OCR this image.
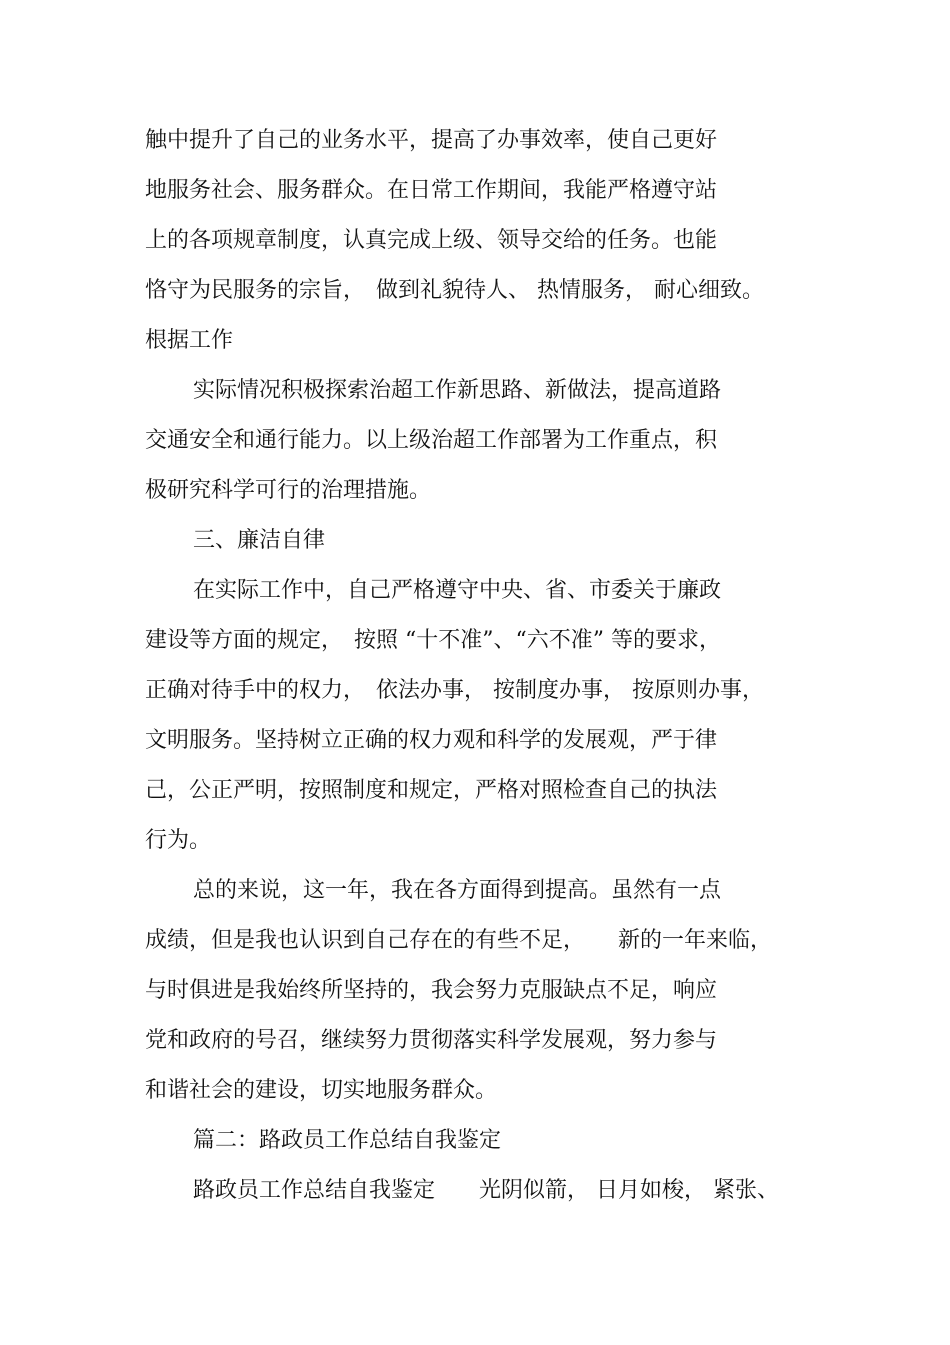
触中提升了自己的业务水平，提高了办事效率，使自己更好
地服务社会、服务群众。在日常工作期间，我能严格遵守站
上的各项规章制度，认真完成上级、领导交给的任务。也能
恪守为民服务的宗旨，　做到礼貌待人、 热情服务， 耐心细致。
根据工作
实际情况积极探索治超工作新思路、新做法，提高道路
交通安全和通行能力。以上级治超工作部署为工作重点，积
极研究科学可行的治理措施。
三、廉洁自律
在实际工作中，自己严格遵守中央、省、市委关于廉政
建设等方面的规定，　按照 “十不准”、“六不准” 等的要求，
正确对待手中的权力，　依法办事， 按制度办事， 按原则办事，
文明服务。坚持树立正确的权力观和科学的发展观，严于律
己，公正严明，按照制度和规定，严格对照检查自己的执法
行为。
总的来说，这一年，我在各方面得到提高。虽然有一点
成绩，但是我也认识到自己存在的有些不足，　　新的一年来临，
与时俱进是我始终所坚持的，我会努力克服缺点不足，响应
党和政府的号召，继续努力贯彻落实科学发展观，努力参与
和谐社会的建设，切实地服务群众。
篇二：路政员工作总结自我鉴定
路政员工作总结自我鉴定　　光阴似箭， 日月如梭， 紧张、
